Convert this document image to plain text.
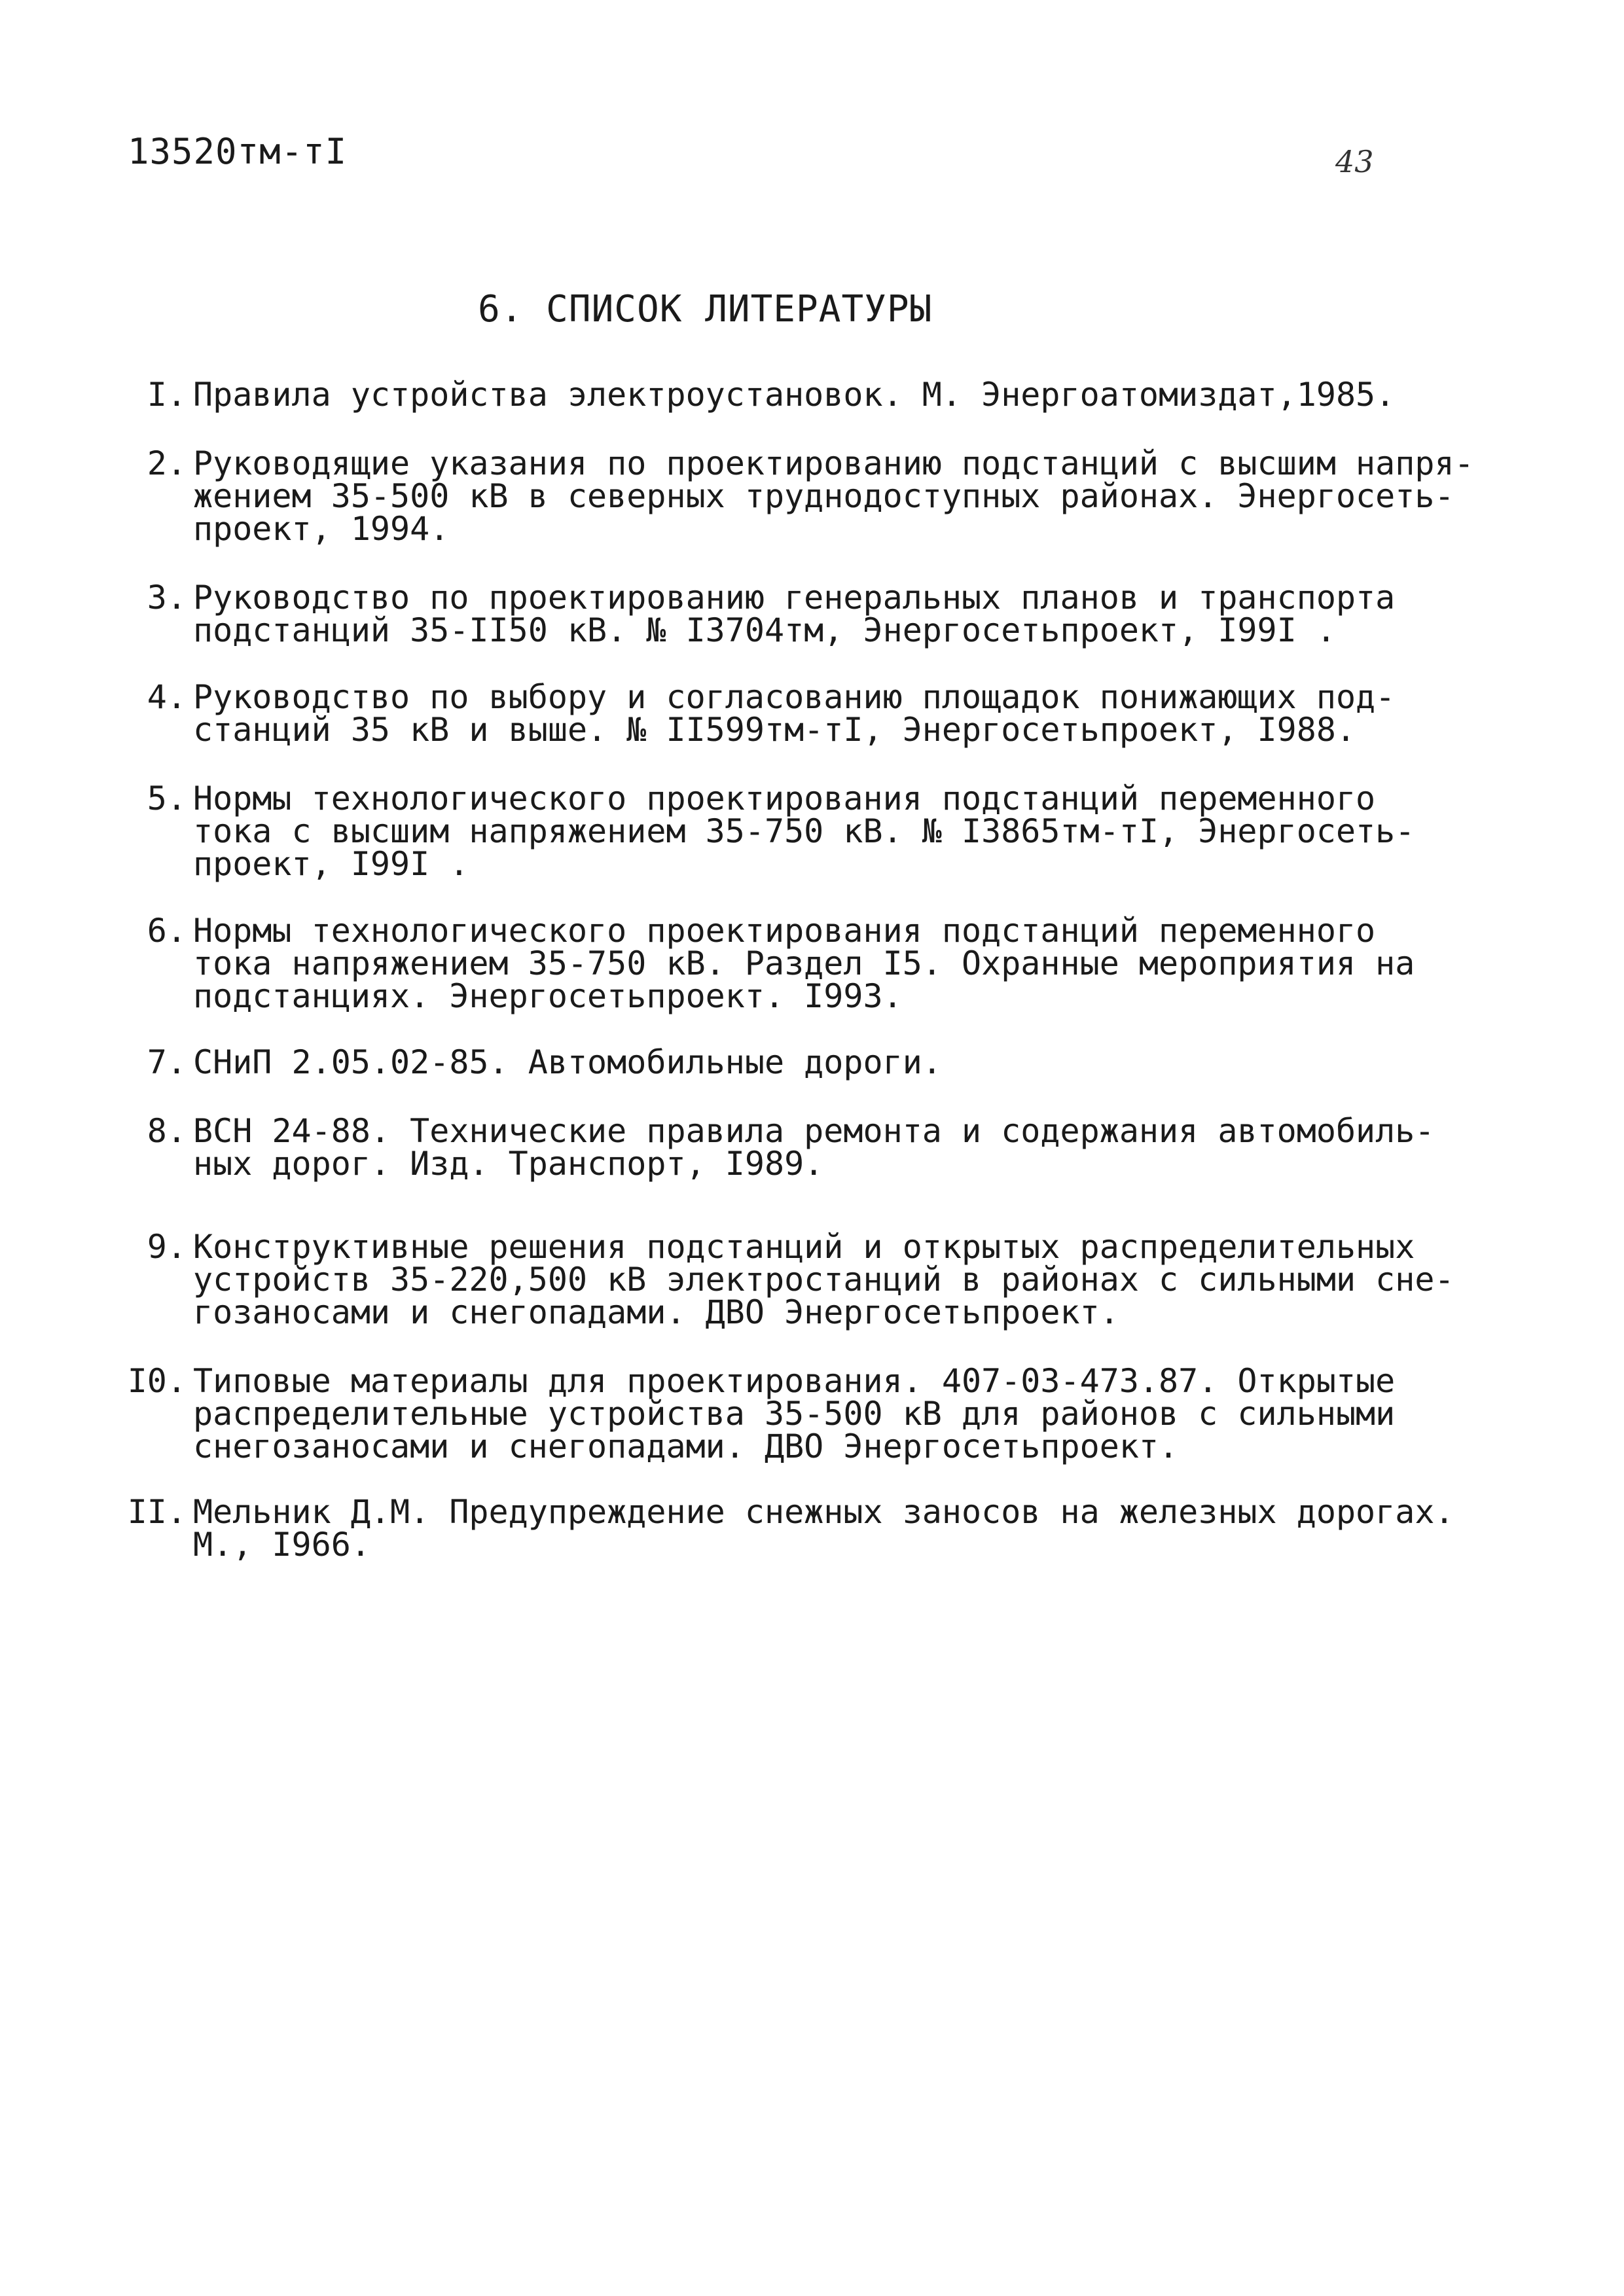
13520тм-тI	43
6. СПИСОК ЛИТЕРАТУРЫ
I. Правила устройства электроустановок. М. Энергоатомиздат,1985.
2. Руководящие указания по проектированию подстанций с высшим напря-
жением 35-500 кВ в северных труднодоступных районах. Энергосеть-
проект, 1994.
3. Руководство по проектированию генеральных планов и транспорта
подстанций 35-II50 кВ. № I3704тм, Энергосетьпроект, I99I .
4. Руководство по выбору и согласованию площадок понижающих под-
станций 35 кВ и выше. № II599тм-тI, Энергосетьпроект, I988.
5. Нормы технологического проектирования подстанций переменного
тока с высшим напряжением 35-750 кВ. № I3865тм-тI, Энергосеть-
проект, I99I .
6. Нормы технологического проектирования подстанций переменного
тока напряжением 35-750 кВ. Раздел I5. Охранные мероприятия на
подстанциях. Энергосетьпроект. I993.
7. СНиП 2.05.02-85. Автомобильные дороги.
8. ВСН 24-88. Технические правила ремонта и содержания автомобиль-
ных дорог. Изд. Транспорт, I989.
9. Конструктивные решения подстанций и открытых распределительных
устройств 35-220,500 кВ электростанций в районах с сильными сне-
гозаносами и снегопадами. ДВО Энергосетьпроект.
I0. Типовые материалы для проектирования. 407-03-473.87. Открытые
распределительные устройства 35-500 кВ для районов с сильными
снегозаносами и снегопадами. ДВО Энергосетьпроект.
II. Мельник Д.М. Предупреждение снежных заносов на железных дорогах.
М., I966.
